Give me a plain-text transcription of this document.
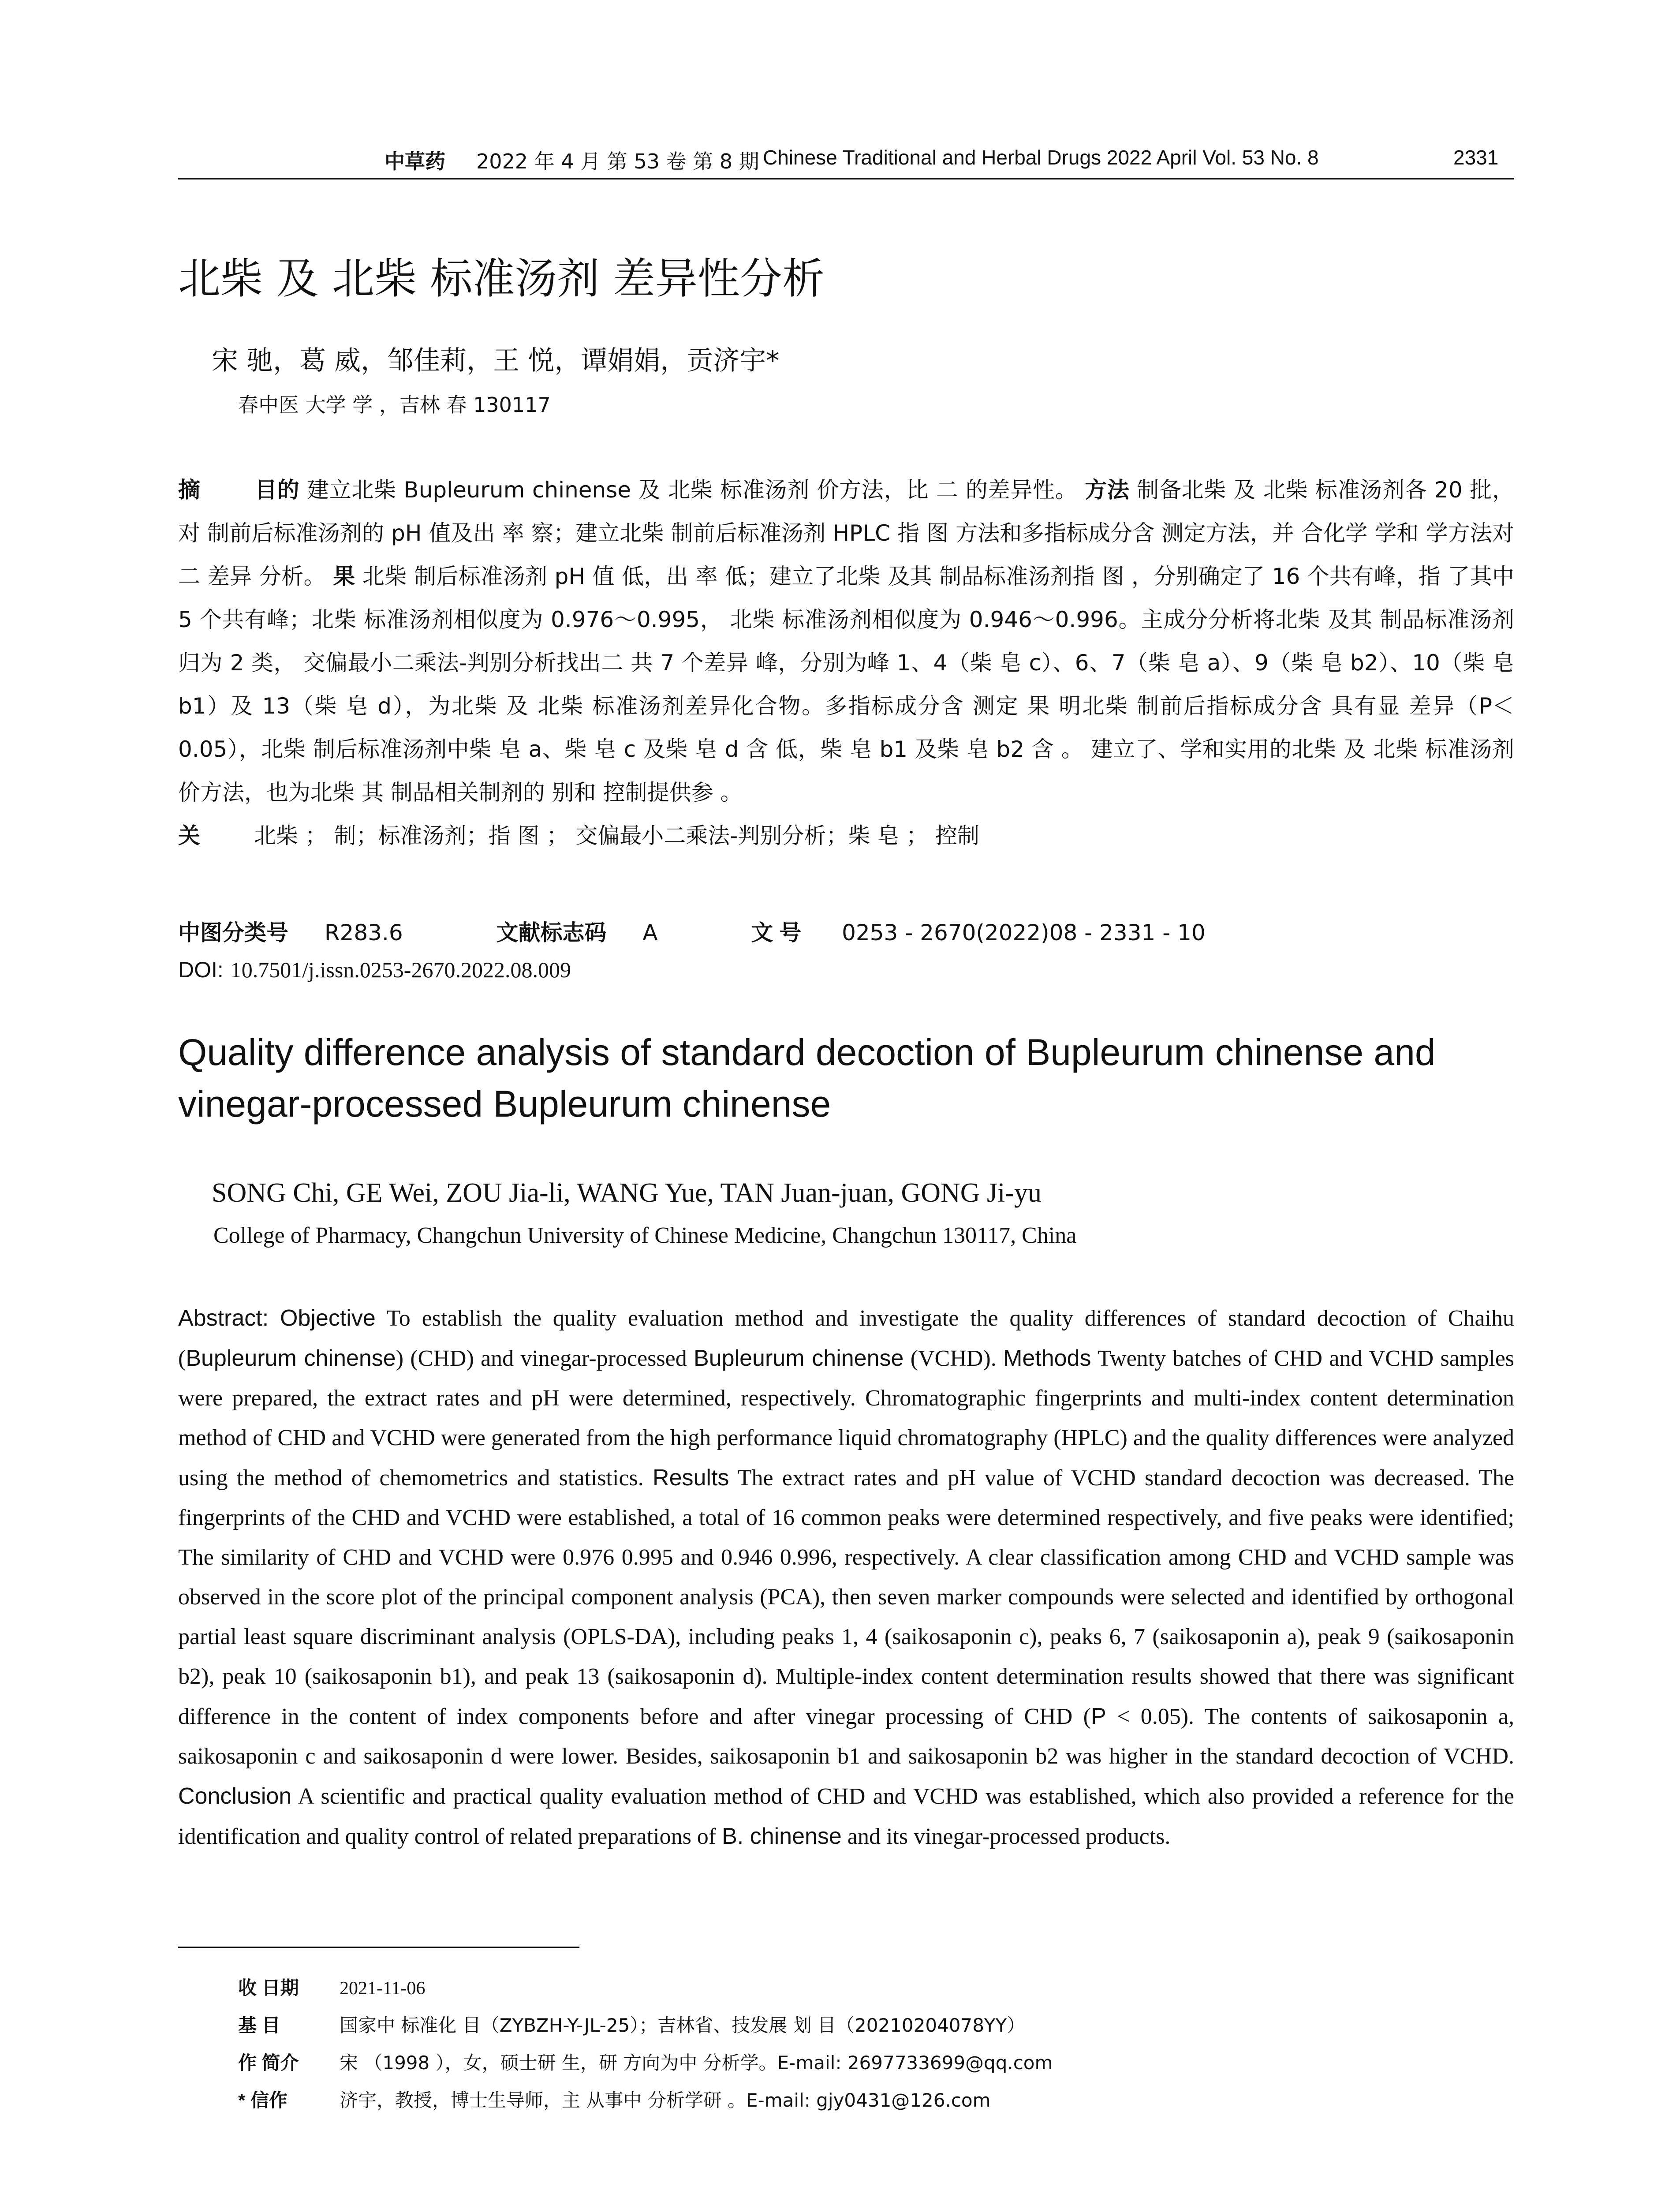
中草药 2022 年 4 月 第 53 卷 第 8 期 Chinese Traditional and Herbal Drugs 2022 April Vol. 53 No. 8	2331
北柴 及 北柴 标准汤剂 差异性分析
宋 驰，葛 威，邹佳莉，王 悦，谭娟娟，贡济宇*
春中医 大学 学 ，吉林 春 130117

摘 目的 建立北柴 Bupleurum chinense 及 北柴 标准汤剂 价方法，比 二 的差异性。 方法 制备北柴 及 北柴 标准汤剂各 20 批，对 制前后标准汤剂的 pH 值及出 率 察；建立北柴 制前后标准汤剂 HPLC 指 图 方法和多指标成分含 测定方法，并 合化学 学和 学方法对二 差异 分析。 果 北柴 制后标准汤剂 pH 值 低，出 率 低；建立了北柴 及其 制品标准汤剂指 图 ，分别确定了 16 个共有峰，指 了其中 5 个共有峰；北柴 标准汤剂相似度为 0.976～0.995， 北柴 标准汤剂相似度为 0.946～0.996。主成分分析将北柴 及其 制品标准汤剂归为 2 类， 交偏最小二乘法-判别分析找出二 共 7 个差异 峰，分别为峰 1、4（柴 皂 c）、6、7（柴 皂 a）、9（柴 皂 b2）、10（柴 皂 b1）及 13（柴 皂 d），为北柴 及 北柴 标准汤剂差异化合物。多指标成分含 测定 果 明北柴 制前后指标成分含 具有显 差异（P＜0.05），北柴 制后标准汤剂中柴 皂 a、柴 皂 c 及柴 皂 d 含 低，柴 皂 b1 及柴 皂 b2 含 。 建立了、学和实用的北柴 及 北柴 标准汤剂 价方法，也为北柴 其 制品相关制剂的 别和 控制提供参 。

关 北柴 ； 制；标准汤剂；指 图 ； 交偏最小二乘法-判别分析；柴 皂 ； 控制

中图分类号 R283.6	文献标志码 A	文 号 0253 - 2670(2022)08 - 2331 - 10
DOI: 10.7501/j.issn.0253-2670.2022.08.009
Quality difference analysis of standard decoction of Bupleurum chinense and
vinegar-processed Bupleurum chinense
SONG Chi, GE Wei, ZOU Jia-li, WANG Yue, TAN Juan-juan, GONG Ji-yu
College of Pharmacy, Changchun University of Chinese Medicine, Changchun 130117, China
Abstract: Objective To establish the quality evaluation method and investigate the quality differences of standard decoction of Chaihu (Bupleurum chinense) (CHD) and vinegar-processed Bupleurum chinense (VCHD). Methods Twenty batches of CHD and VCHD samples were prepared, the extract rates and pH were determined, respectively. Chromatographic fingerprints and multi-index content determination method of CHD and VCHD were generated from the high performance liquid chromatography (HPLC) and the quality differences were analyzed using the method of chemometrics and statistics. Results The extract rates and pH value of VCHD standard decoction was decreased. The fingerprints of the CHD and VCHD were established, a total of 16 common peaks were determined respectively, and five peaks were identified; The similarity of CHD and VCHD were 0.976 0.995 and 0.946 0.996, respectively. A clear classification among CHD and VCHD sample was observed in the score plot of the principal component analysis (PCA), then seven marker compounds were selected and identified by orthogonal partial least square discriminant analysis (OPLS-DA), including peaks 1, 4 (saikosaponin c), peaks 6, 7 (saikosaponin a), peak 9 (saikosaponin b2), peak 10 (saikosaponin b1), and peak 13 (saikosaponin d). Multiple-index content determination results showed that there was significant difference in the content of index components before and after vinegar processing of CHD (P < 0.05). The contents of saikosaponin a, saikosaponin c and saikosaponin d were lower. Besides, saikosaponin b1 and saikosaponin b2 was higher in the standard decoction of VCHD. Conclusion A scientific and practical quality evaluation method of CHD and VCHD was established, which also provided a reference for the identification and quality control of related preparations of B. chinense and its vinegar-processed products.
收 日期 2021-11-06
基 目	国家中 标准化 目（ZYBZH-Y-JL-25）；吉林省、技发展 划 目（20210204078YY）
作 简介 宋 （1998 ），女，硕士研 生，研 方向为中 分析学。E-mail: 2697733699@qq.com
* 信作	济宇，教授，博士生导师，主 从事中 分析学研 。E-mail: gjy0431@126.com
